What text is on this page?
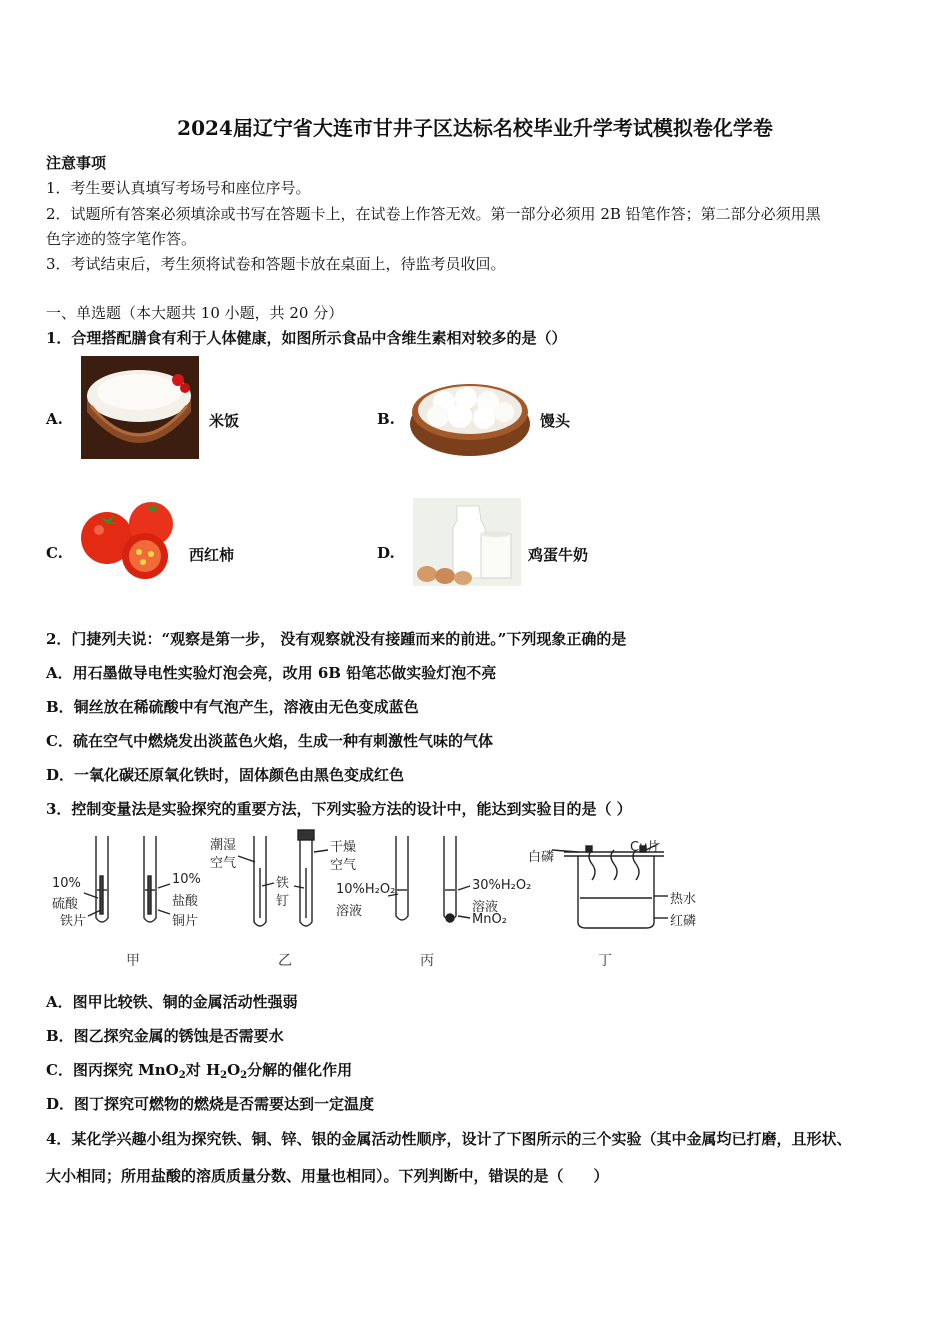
2024届辽宁省大连市甘井子区达标名校毕业升学考试模拟卷化学卷
注意事项
1．考生要认真填写考场号和座位序号。
2．试题所有答案必须填涂或书写在答题卡上，在试卷上作答无效。第一部分必须用 2B 铅笔作答；第二部分必须用黑
色字迹的签字笔作答。
3．考试结束后，考生须将试卷和答题卡放在桌面上，待监考员收回。
一、单选题（本大题共 10 小题，共 20 分）
1．合理搭配膳食有利于人体健康，如图所示食品中含维生素相对较多的是（）
A.	米饭	B.	馒头
C.	西红柿	D.	鸡蛋牛奶
2．门捷列夫说：“观察是第一步， 没有观察就没有接踵而来的前进。”下列现象正确的是
A．用石墨做导电性实验灯泡会亮，改用 6B 铅笔芯做实验灯泡不亮
B．铜丝放在稀硫酸中有气泡产生，溶液由无色变成蓝色
C．硫在空气中燃烧发出淡蓝色火焰，生成一种有刺激性气味的气体
D．一氧化碳还原氧化铁时，固体颜色由黑色变成红色
3．控制变量法是实验探究的重要方法，下列实验方法的设计中，能达到实验目的是（ ）
10%
硫酸
铁片
10%
盐酸
铜片
潮湿
空气
铁
钉
干燥
空气
10%H₂O₂
溶液
30%H₂O₂
溶液
MnO₂
白磷
Cu片
热水
红磷
甲	乙	丙	丁
A．图甲比较铁、铜的金属活动性强弱
B．图乙探究金属的锈蚀是否需要水
C．图丙探究 MnO$_2$对 $H_2O_2$分解的催化作用
D．图丁探究可燃物的燃烧是否需要达到一定温度
4．某化学兴趣小组为探究铁、铜、锌、银的金属活动性顺序，设计了下图所示的三个实验（其中金属均已打磨，且形状、
大小相同；所用盐酸的溶质质量分数、用量也相同）。下列判断中，错误的是（　　）
